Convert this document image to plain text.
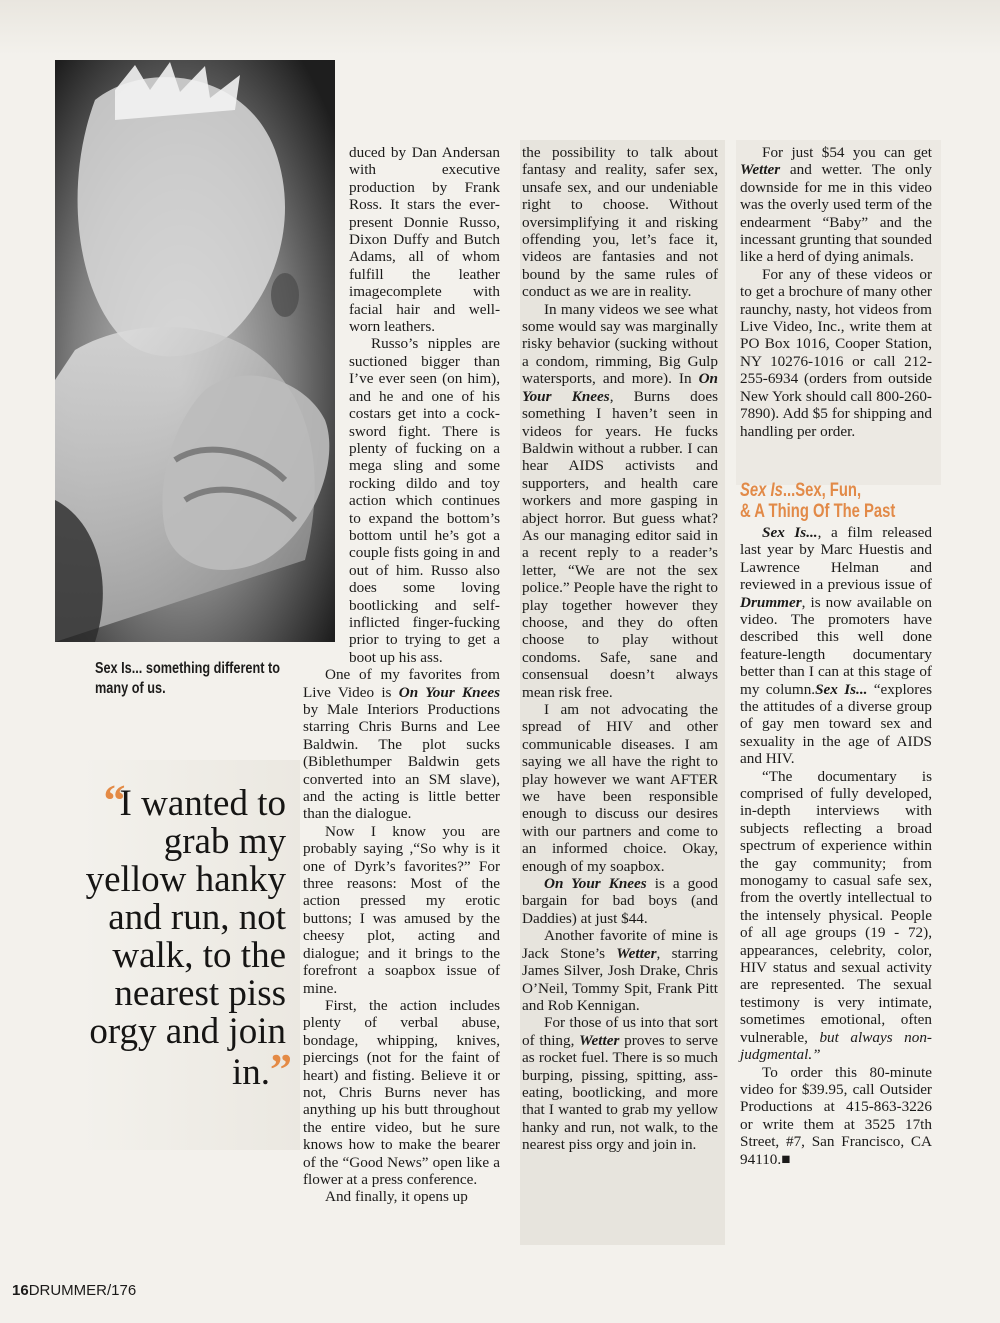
Sex Is... something different to many of us.
“I wanted to grab my yellow hanky and run, not walk, to the nearest piss orgy and join in.”

duced by Dan Andersan with executive production by Frank Ross. It stars the ever-present Donnie Russo, Dixon Duffy and Butch Adams, all of whom fulfill the leather imagecomplete with facial hair and well-worn leathers.

Russo’s nipples are suctioned bigger than I’ve ever seen (on him), and he and one of his costars get into a cock-sword fight. There is plenty of fucking on a mega sling and some rocking dildo and toy action which continues to expand the bottom’s bottom until he’s got a couple fists going in and out of him. Russo also does some loving bootlicking and self-inflicted finger-fucking prior to trying to get a boot up his ass.

One of my favorites from Live Video is On Your Knees by Male Interiors Productions starring Chris Burns and Lee Baldwin. The plot sucks (Biblethumper Baldwin gets converted into an SM slave), and the acting is little better than the dialogue.

Now I know you are probably saying ,“So why is it one of Dyrk’s favorites?” For three reasons: Most of the action pressed my erotic buttons; I was amused by the cheesy plot, acting and dialogue; and it brings to the forefront a soapbox issue of mine.

First, the action includes plenty of verbal abuse, bondage, whipping, knives, piercings (not for the faint of heart) and fisting. Believe it or not, Chris Burns never has anything up his butt throughout the entire video, but he sure knows how to make the bearer of the “Good News” open like a flower at a press conference.

And finally, it opens up

the possibility to talk about fantasy and reality, safer sex, unsafe sex, and our undeniable right to choose. Without oversimplifying it and risking offending you, let’s face it, videos are fantasies and not bound by the same rules of conduct as we are in reality.

In many videos we see what some would say was marginally risky behavior (sucking without a condom, rimming, Big Gulp watersports, and more). In On Your Knees, Burns does something I haven’t seen in videos for years. He fucks Baldwin without a rubber. I can hear AIDS activists and supporters, and health care workers and more gasping in abject horror. But guess what? As our managing editor said in a recent reply to a reader’s letter, “We are not the sex police.” People have the right to play together however they choose, and they do often choose to play without condoms. Safe, sane and consensual doesn’t always mean risk free.

I am not advocating the spread of HIV and other communicable diseases. I am saying we all have the right to play however we want AFTER we have been responsible enough to discuss our desires with our partners and come to an informed choice. Okay, enough of my soapbox.

On Your Knees is a good bargain for bad boys (and Daddies) at just $44.

Another favorite of mine is Jack Stone’s Wetter, starring James Silver, Josh Drake, Chris O’Neil, Tommy Spit, Frank Pitt and Rob Kennigan.

For those of us into that sort of thing, Wetter proves to serve as rocket fuel. There is so much burping, pissing, spitting, ass-eating, bootlicking, and more that I wanted to grab my yellow hanky and run, not walk, to the nearest piss orgy and join in.

For just $54 you can get Wetter and wetter. The only downside for me in this video was the overly used term of the endearment “Baby” and the incessant grunting that sounded like a herd of dying animals.

For any of these videos or to get a brochure of many other raunchy, nasty, hot videos from Live Video, Inc., write them at PO Box 1016, Cooper Station, NY 10276-1016 or call 212-255-6934 (orders from outside New York should call 800-260-7890). Add $5 for shipping and handling per order.

Sex Is...Sex, Fun,
& A Thing Of The Past

Sex Is..., a film released last year by Marc Huestis and Lawrence Helman and reviewed in a previous issue of Drummer, is now available on video. The promoters have described this well done feature-length documentary better than I can at this stage of my column.Sex Is... “explores the attitudes of a diverse group of gay men toward sex and sexuality in the age of AIDS and HIV.

“The documentary is comprised of fully developed, in-depth interviews with subjects reflecting a broad spectrum of experience within the gay community; from monogamy to casual safe sex, from the overtly intellectual to the intensely physical. People of all age groups (19 - 72), appearances, celebrity, color, HIV status and sexual activity are represented. The sexual testimony is very intimate, sometimes emotional, often vulnerable, but always non-judgmental.”

To order this 80-minute video for $39.95, call Outsider Productions at 415-863-3226 or write them at 3525 17th Street, #7, San Francisco, CA 94110.■

16DRUMMER/176
